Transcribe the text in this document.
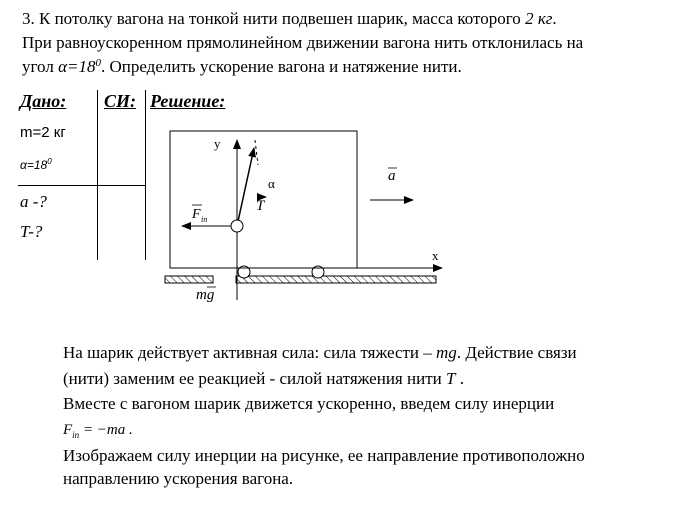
3. К потолку вагона на тонкой нити подвешен шарик, масса которого 2 кг.
При равноускоренном прямолинейном движении вагона нить отклонилась на
угол $\alpha=18^0$. Определить ускорение вагона и натяжение нити.
Дано: СИ: Решение:
m=2 кг
$\alpha=18^0$
a -?
T-?
y
x
α
T
F in
a
mg
На шарик действует активная сила: сила тяжести – mg. Действие связи
(нити) заменим ее реакцией - силой натяжения нити T .
Вместе с вагоном шарик движется ускоренно, введем силу инерции
$F_{in} = -ma$ .
Изображаем силу инерции на рисунке, ее направление противоположно
направлению ускорения вагона.
